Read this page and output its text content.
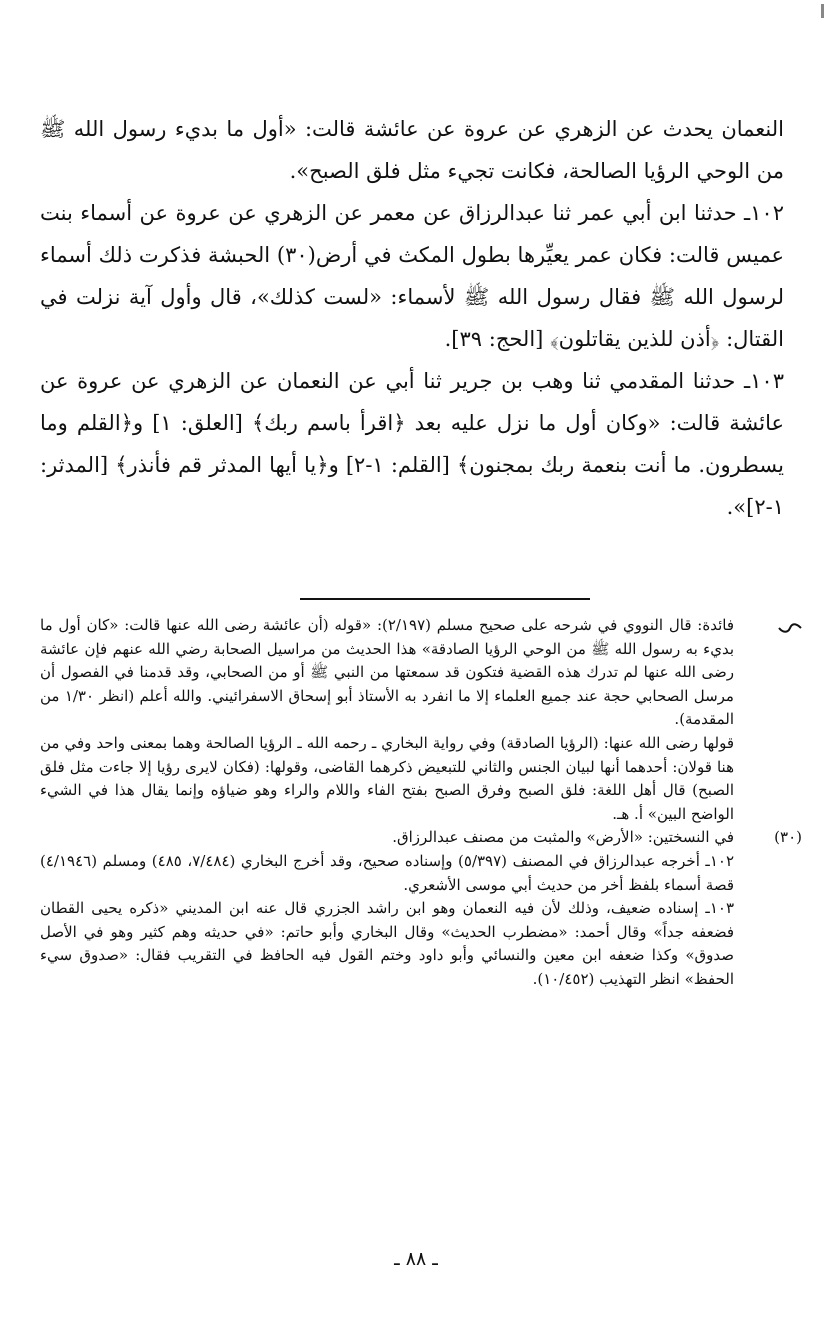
النعمان يحدث عن الزهري عن عروة عن عائشة قالت: «أول ما بديء رسول الله ﷺ من الوحي الرؤيا الصالحة، فكانت تجيء مثل فلق الصبح».

١٠٢ـ حدثنا ابن أبي عمر ثنا عبدالرزاق عن معمر عن الزهري عن عروة عن أسماء بنت عميس قالت: فكان عمر يعيِّرها بطول المكث في أرض(٣٠) الحبشة فذكرت ذلك أسماء لرسول الله ﷺ فقال رسول الله ﷺ لأسماء: «لست كذلك»، قال وأول آية نزلت في القتال: ﴿أذن للذين يقاتلون﴾ [الحج: ٣٩].

١٠٣ـ حدثنا المقدمي ثنا وهب بن جرير ثنا أبي عن النعمان عن الزهري عن عروة عن عائشة قالت: «وكان أول ما نزل عليه بعد ﴿اقرأ باسم ربك﴾ [العلق: ١] و﴿القلم وما يسطرون. ما أنت بنعمة ربك بمجنون﴾ [القلم: ١-٢] و﴿يا أيها المدثر قم فأنذر﴾ [المدثر: ١-٢]».

فائدة: قال النووي في شرحه على صحيح مسلم (٢/١٩٧): «قوله (أن عائشة رضى الله عنها قالت: «كان أول ما بديء به رسول الله ﷺ من الوحي الرؤيا الصادقة» هذا الحديث من مراسيل الصحابة رضي الله عنهم فإن عائشة رضى الله عنها لم تدرك هذه القضية فتكون قد سمعتها من النبي ﷺ أو من الصحابي، وقد قدمنا في الفصول أن مرسل الصحابي حجة عند جميع العلماء إلا ما انفرد به الأستاذ أبو إسحاق الاسفرائيني. والله أعلم (انظر ١/٣٠ من المقدمة).

قولها رضى الله عنها: (الرؤيا الصادقة) وفي رواية البخاري ـ رحمه الله ـ الرؤيا الصالحة وهما بمعنى واحد وفي من هنا قولان: أحدهما أنها لبيان الجنس والثاني للتبعيض ذكرهما القاضى، وقولها: (فكان لايرى رؤيا إلا جاءت مثل فلق الصبح) قال أهل اللغة: فلق الصبح وفرق الصبح بفتح الفاء واللام والراء وهو ضياؤه وإنما يقال هذا في الشيء الواضح البين» أ. هـ.

(٣٠)

في النسختين: «الأرض» والمثبت من مصنف عبدالرزاق.

١٠٢ـ أخرجه عبدالرزاق في المصنف (٥/٣٩٧) وإسناده صحيح، وقد أخرج البخاري (٧/٤٨٤، ٤٨٥) ومسلم (٤/١٩٤٦) قصة أسماء بلفظ أخر من حديث أبي موسى الأشعري.

١٠٣ـ إسناده ضعيف، وذلك لأن فيه النعمان وهو ابن راشد الجزري قال عنه ابن المديني «ذكره يحيى القطان فضعفه جداً» وقال أحمد: «مضطرب الحديث» وقال البخاري وأبو حاتم: «في حديثه وهم كثير وهو في الأصل صدوق» وكذا ضعفه ابن معين والنسائي وأبو داود وختم القول فيه الحافظ في التقريب فقال: «صدوق سيء الحفظ» انظر التهذيب (١٠/٤٥٢).

ـ ٨٨ ـ
